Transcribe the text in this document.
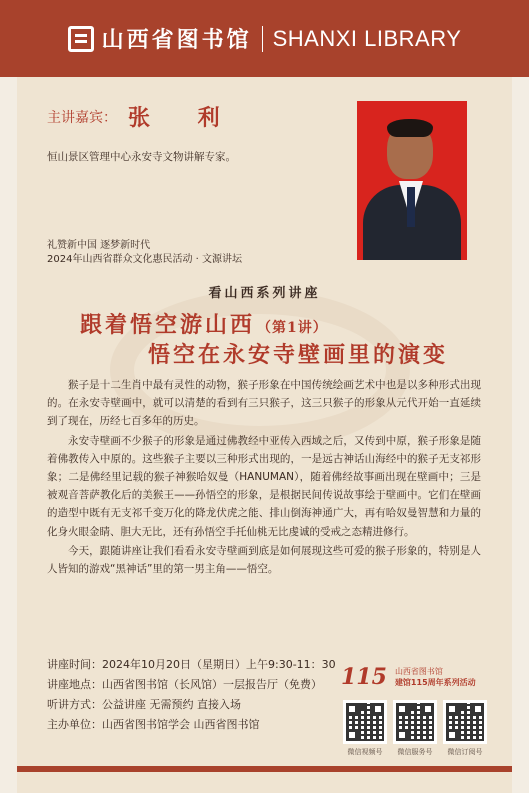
山西省图书馆 SHANXI LIBRARY
主讲嘉宾： 张 利
恒山景区管理中心永安寺文物讲解专家。
礼赞新中国 逐梦新时代
2024年山西省群众文化惠民活动 · 文源讲坛
看山西系列讲座
跟着悟空游山西 （第1讲）
悟空在永安寺壁画里的演变

猴子是十二生肖中最有灵性的动物，猴子形象在中国传统绘画艺术中也是以多种形式出现的。在永安寺壁画中，就可以清楚的看到有三只猴子，这三只猴子的形象从元代开始一直延续到了现在，历经七百多年的历史。

永安寺壁画不少猴子的形象是通过佛教经中亚传入西域之后，又传到中原，猴子形象是随着佛教传入中原的。这些猴子主要以三种形式出现的，一是远古神话山海经中的猴子无支祁形象；二是佛经里记载的猴子神猴哈奴曼（HANUMAN），随着佛经故事画出现在壁画中；三是被观音菩萨教化后的美猴王——孙悟空的形象，是根据民间传说故事绘于壁画中。它们在壁画的造型中既有无支祁千变万化的降龙伏虎之能、排山倒海神通广大，再有哈奴曼智慧和力量的化身火眼金睛、胆大无比，还有孙悟空手托仙桃无比虔诚的受戒之态精进修行。

今天，跟随讲座让我们看看永安寺壁画到底是如何展现这些可爱的猴子形象的，特别是人人皆知的游戏“黑神话”里的第一男主角——悟空。

讲座时间：2024年10月20日（星期日）上午9:30-11：30
讲座地点：山西省图书馆（长风馆）一层报告厅（免费）
听讲方式：公益讲座 无需预约 直接入场
主办单位：山西省图书馆学会 山西省图书馆
115 山西省图书馆
建馆115周年系列活动
微信视频号	微信服务号	微信订阅号
